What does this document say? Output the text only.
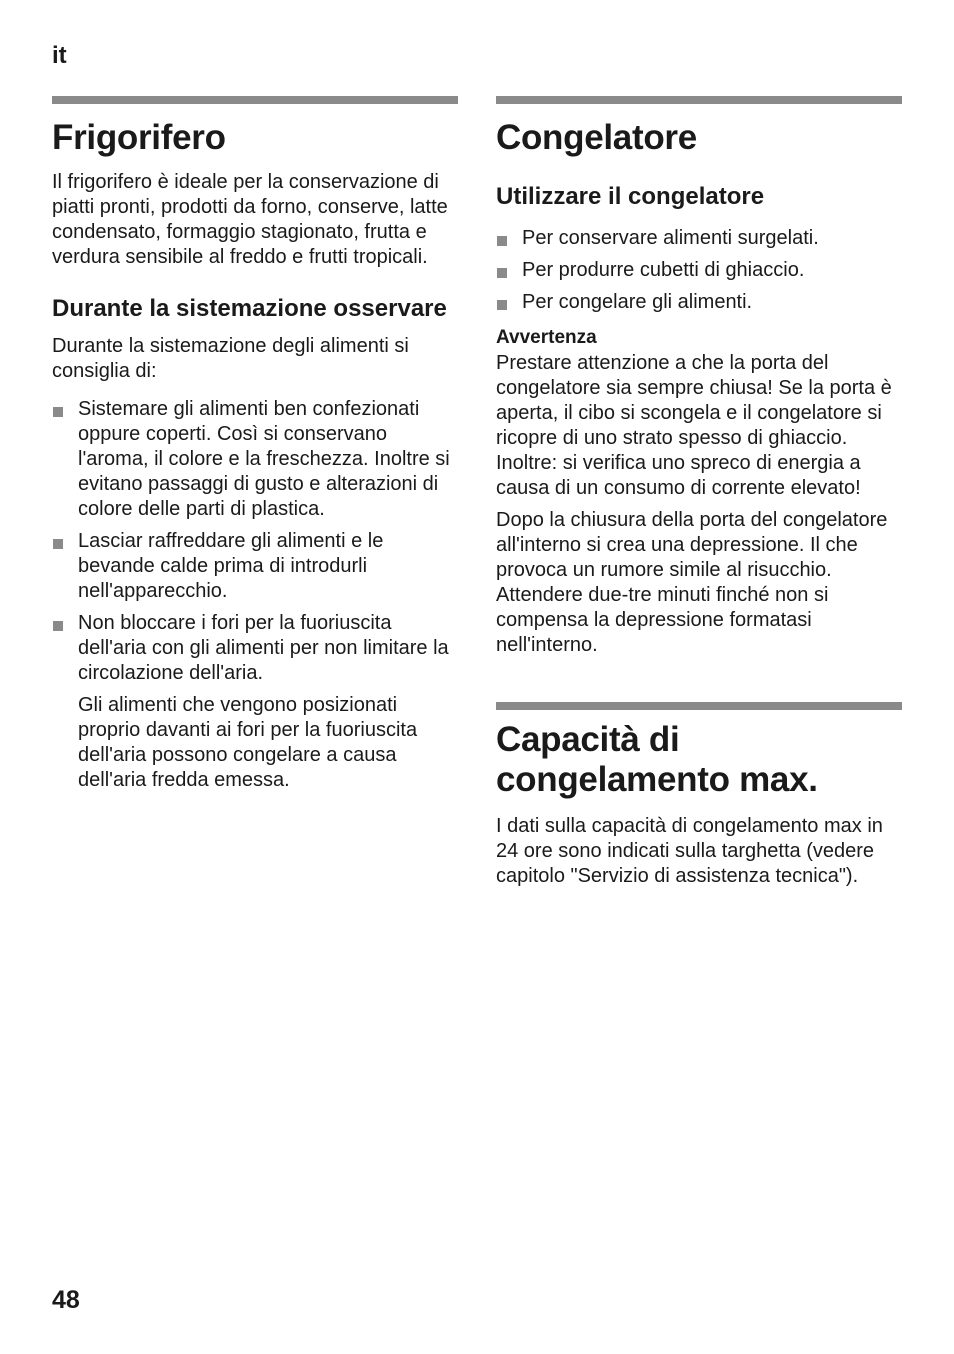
it
Frigorifero

Il frigorifero è ideale per la conservazione di piatti pronti, prodotti da forno, conserve, latte condensato, formaggio stagionato, frutta e verdura sensibile al freddo e frutti tropicali.

Durante la sistemazione osservare

Durante la sistemazione degli alimenti si consiglia di:

Sistemare gli alimenti ben confezionati oppure coperti. Così si conservano l'aroma, il colore e la freschezza. Inoltre si evitano passaggi di gusto e alterazioni di colore delle parti di plastica.
Lasciar raffreddare gli alimenti e le bevande calde prima di introdurli nell'apparecchio.
Non bloccare i fori per la fuoriuscita dell'aria con gli alimenti per non limitare la circolazione dell'aria.

Gli alimenti che vengono posizionati proprio davanti ai fori per la fuoriuscita dell'aria possono congelare a causa dell'aria fredda emessa.

Congelatore
Utilizzare il congelatore
Per conservare alimenti surgelati.
Per produrre cubetti di ghiaccio.
Per congelare gli alimenti.
Avvertenza

Prestare attenzione a che la porta del congelatore sia sempre chiusa! Se la porta è aperta, il cibo si scongela e il congelatore si ricopre di uno strato spesso di ghiaccio. Inoltre: si verifica uno spreco di energia a causa di un consumo di corrente elevato!

Dopo la chiusura della porta del congelatore all'interno si crea una depressione. Il che provoca un rumore simile al risucchio. Attendere due-tre minuti finché non si compensa la depressione formatasi nell'interno.

Capacità di congelamento max.

I dati sulla capacità di congelamento max in 24 ore sono indicati sulla targhetta (vedere capitolo "Servizio di assistenza tecnica").

48
